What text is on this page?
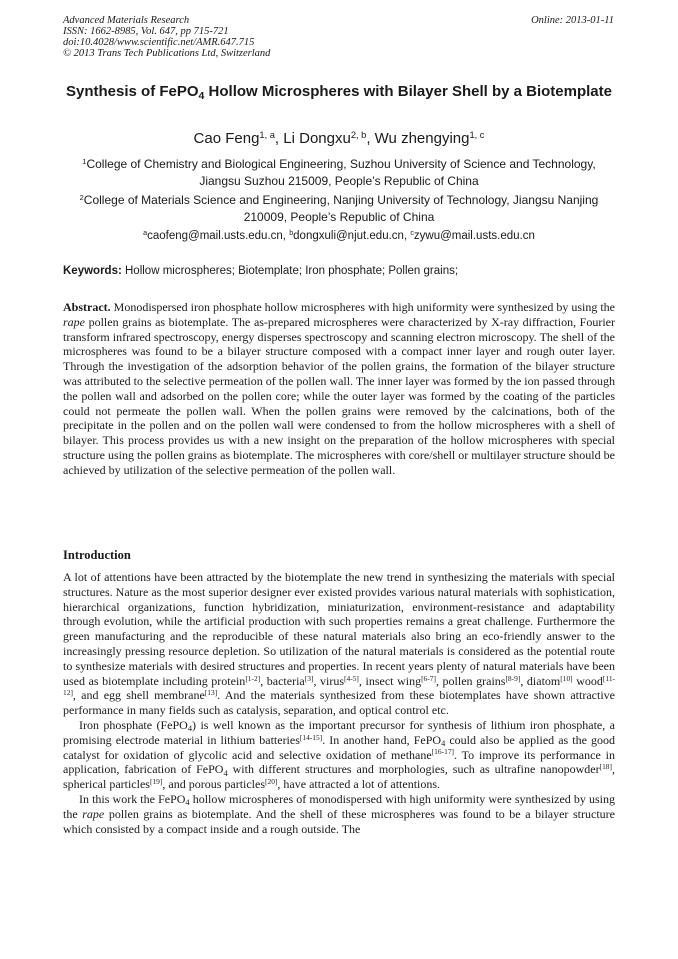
Advanced Materials Research
ISSN: 1662-8985, Vol. 647, pp 715-721
doi:10.4028/www.scientific.net/AMR.647.715
© 2013 Trans Tech Publications Ltd, Switzerland
Online: 2013-01-11
Synthesis of FePO$_4$ Hollow Microspheres with Bilayer Shell by a Biotemplate
Cao Feng$^{1, a}$, Li Dongxu$^{2, b}$, Wu zhengying$^{1, c}$
$^1$College of Chemistry and Biological Engineering, Suzhou University of Science and Technology, Jiangsu Suzhou 215009, People’s Republic of China
$^2$College of Materials Science and Engineering, Nanjing University of Technology, Jiangsu Nanjing 210009, People’s Republic of China
$^a$caofeng@mail.usts.edu.cn, $^b$dongxuli@njut.edu.cn, $^c$zywu@mail.usts.edu.cn
Keywords: Hollow microspheres; Biotemplate; Iron phosphate; Pollen grains;

Abstract. Monodispersed iron phosphate hollow microspheres with high uniformity were synthesized by using the rape pollen grains as biotemplate. The as-prepared microspheres were characterized by X-ray diffraction, Fourier transform infrared spectroscopy, energy disperses spectroscopy and scanning electron microscopy. The shell of the microspheres was found to be a bilayer structure composed with a compact inner layer and rough outer layer. Through the investigation of the adsorption behavior of the pollen grains, the formation of the bilayer structure was attributed to the selective permeation of the pollen wall. The inner layer was formed by the ion passed through the pollen wall and adsorbed on the pollen core; while the outer layer was formed by the coating of the particles could not permeate the pollen wall. When the pollen grains were removed by the calcinations, both of the precipitate in the pollen and on the pollen wall were condensed to from the hollow microspheres with a shell of bilayer. This process provides us with a new insight on the preparation of the hollow microspheres with special structure using the pollen grains as biotemplate. The microspheres with core/shell or multilayer structure should be achieved by utilization of the selective permeation of the pollen wall.

Introduction

A lot of attentions have been attracted by the biotemplate the new trend in synthesizing the materials with special structures. Nature as the most superior designer ever existed provides various natural materials with sophistication, hierarchical organizations, function hybridization, miniaturization, environment-resistance and adaptability through evolution, while the artificial production with such properties remains a great challenge. Furthermore the green manufacturing and the reproducible of these natural materials also bring an eco-friendly answer to the increasingly pressing resource depletion. So utilization of the natural materials is considered as the potential route to synthesize materials with desired structures and properties. In recent years plenty of natural materials have been used as biotemplate including protein[1-2], bacteria[3], virus[4-5], insect wing[6-7], pollen grains[8-9], diatom[10] wood[11-12], and egg shell membrane[13]. And the materials synthesized from these biotemplates have shown attractive performance in many fields such as catalysis, separation, and optical control etc.

Iron phosphate (FePO$_4$) is well known as the important precursor for synthesis of lithium iron phosphate, a promising electrode material in lithium batteries[14-15]. In another hand, FePO$_4$ could also be applied as the good catalyst for oxidation of glycolic acid and selective oxidation of methane[16-17]. To improve its performance in application, fabrication of FePO$_4$ with different structures and morphologies, such as ultrafine nanopowder[18], spherical particles[19], and porous particles[20], have attracted a lot of attentions.

In this work the FePO$_4$ hollow microspheres of monodispersed with high uniformity were synthesized by using the rape pollen grains as biotemplate. And the shell of these microspheres was found to be a bilayer structure which consisted by a compact inside and a rough outside. The
